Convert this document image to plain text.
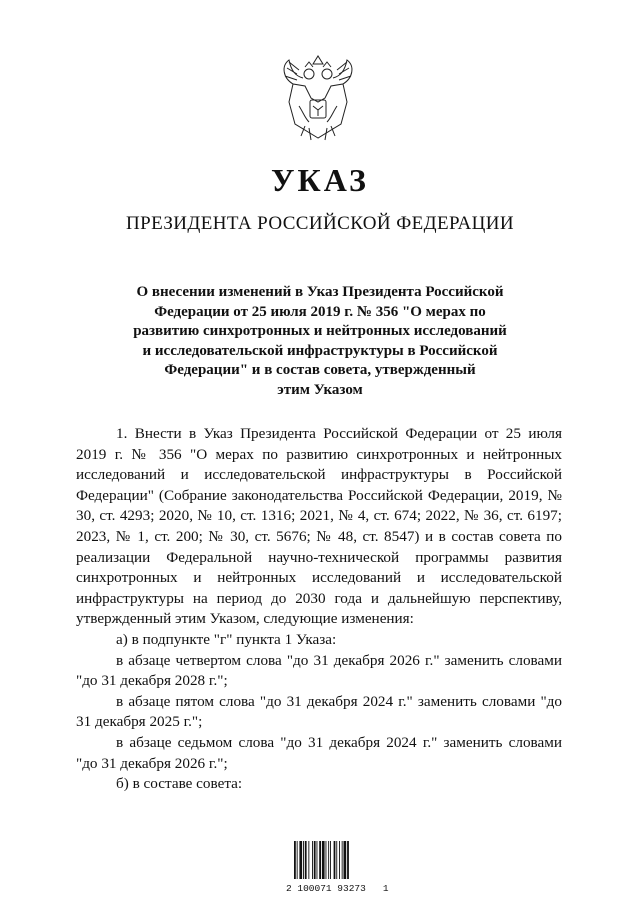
УКАЗ
ПРЕЗИДЕНТА РОССИЙСКОЙ ФЕДЕРАЦИИ
О внесении изменений в Указ Президента Российской
Федерации от 25 июля 2019 г. № 356 "О мерах по
развитию синхротронных и нейтронных исследований
и исследовательской инфраструктуры в Российской
Федерации" и в состав совета, утвержденный
этим Указом

1. Внести в Указ Президента Российской Федерации от 25 июля 2019 г. № 356 "О мерах по развитию синхротронных и нейтронных исследований и исследовательской инфраструктуры в Российской Федерации" (Собрание законодательства Российской Федерации, 2019, № 30, ст. 4293; 2020, № 10, ст. 1316; 2021, № 4, ст. 674; 2022, № 36, ст. 6197; 2023, № 1, ст. 200; № 30, ст. 5676; № 48, ст. 8547) и в состав совета по реализации Федеральной научно-технической программы развития синхротронных и нейтронных исследований и исследовательской инфраструктуры на период до 2030 года и дальнейшую перспективу, утвержденный этим Указом, следующие изменения:

а) в подпункте "г" пункта 1 Указа:

в абзаце четвертом слова "до 31 декабря 2026 г." заменить словами "до 31 декабря 2028 г.";

в абзаце пятом слова "до 31 декабря 2024 г." заменить словами "до 31 декабря 2025 г.";

в абзаце седьмом слова "до 31 декабря 2024 г." заменить словами "до 31 декабря 2026 г.";

б) в составе совета:

2 100071 93273   1
